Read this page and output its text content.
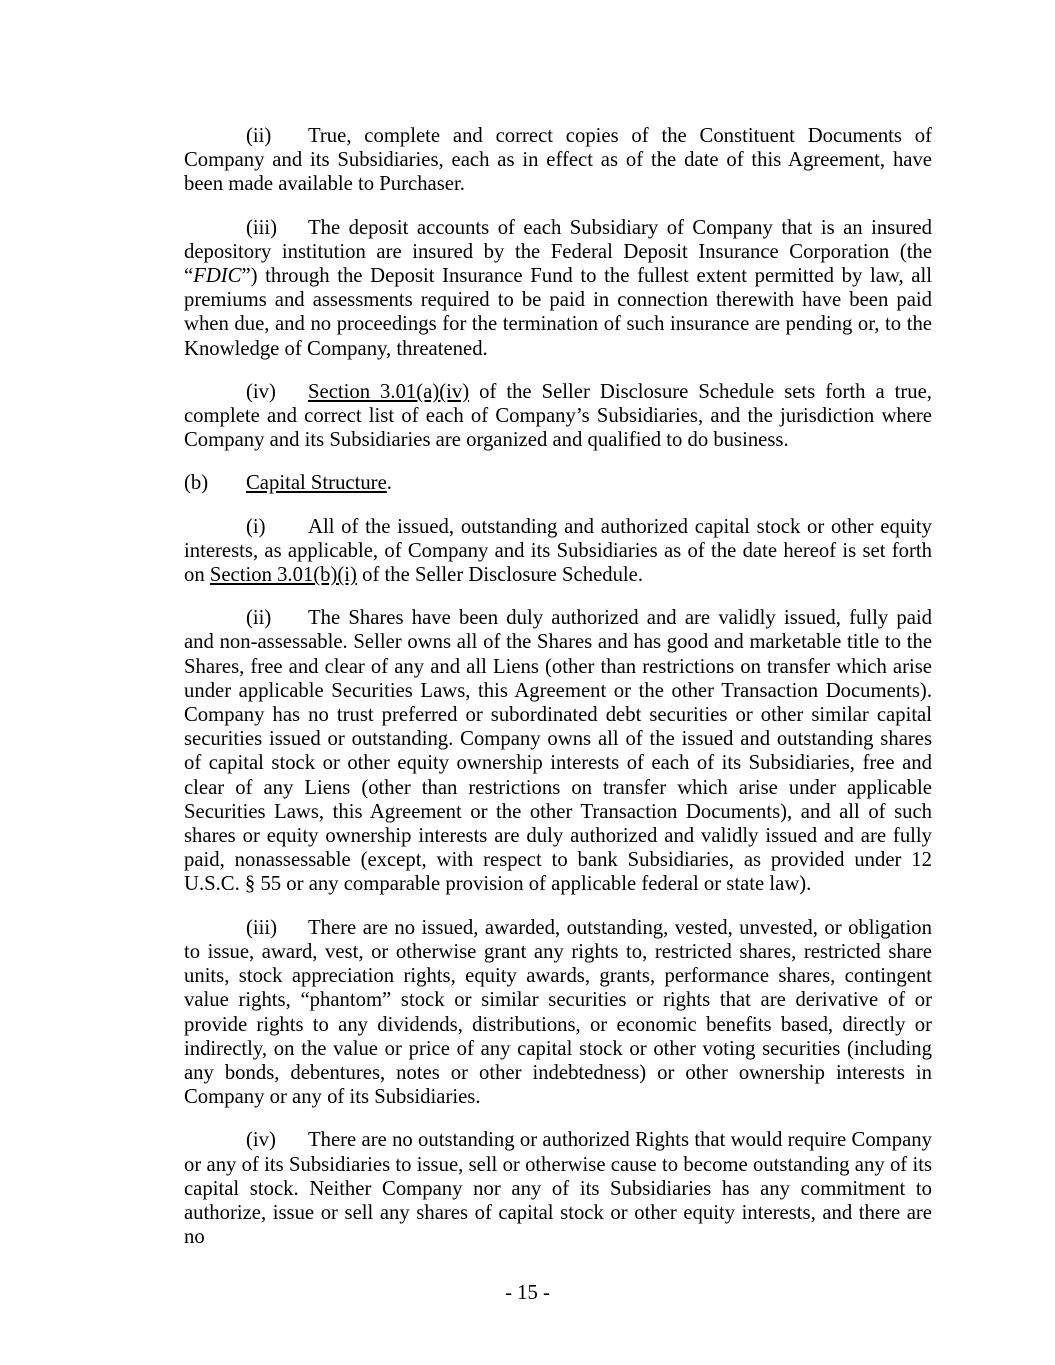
(ii) True, complete and correct copies of the Constituent Documents of Company and its Subsidiaries, each as in effect as of the date of this Agreement, have been made available to Purchaser.

(iii) The deposit accounts of each Subsidiary of Company that is an insured depository institution are insured by the Federal Deposit Insurance Corporation (the “FDIC”) through the Deposit Insurance Fund to the fullest extent permitted by law, all premiums and assessments required to be paid in connection therewith have been paid when due, and no proceedings for the termination of such insurance are pending or, to the Knowledge of Company, threatened.

(iv) Section 3.01(a)(iv) of the Seller Disclosure Schedule sets forth a true, complete and correct list of each of Company’s Subsidiaries, and the jurisdiction where Company and its Subsidiaries are organized and qualified to do business.

(b) Capital Structure.

(i) All of the issued, outstanding and authorized capital stock or other equity interests, as applicable, of Company and its Subsidiaries as of the date hereof is set forth on Section 3.01(b)(i) of the Seller Disclosure Schedule.

(ii) The Shares have been duly authorized and are validly issued, fully paid and non-assessable. Seller owns all of the Shares and has good and marketable title to the Shares, free and clear of any and all Liens (other than restrictions on transfer which arise under applicable Securities Laws, this Agreement or the other Transaction Documents). Company has no trust preferred or subordinated debt securities or other similar capital securities issued or outstanding. Company owns all of the issued and outstanding shares of capital stock or other equity ownership interests of each of its Subsidiaries, free and clear of any Liens (other than restrictions on transfer which arise under applicable Securities Laws, this Agreement or the other Transaction Documents), and all of such shares or equity ownership interests are duly authorized and validly issued and are fully paid, nonassessable (except, with respect to bank Subsidiaries, as provided under 12 U.S.C. § 55 or any comparable provision of applicable federal or state law).

(iii) There are no issued, awarded, outstanding, vested, unvested, or obligation to issue, award, vest, or otherwise grant any rights to, restricted shares, restricted share units, stock appreciation rights, equity awards, grants, performance shares, contingent value rights, “phantom” stock or similar securities or rights that are derivative of or provide rights to any dividends, distributions, or economic benefits based, directly or indirectly, on the value or price of any capital stock or other voting securities (including any bonds, debentures, notes or other indebtedness) or other ownership interests in Company or any of its Subsidiaries.

(iv) There are no outstanding or authorized Rights that would require Company or any of its Subsidiaries to issue, sell or otherwise cause to become outstanding any of its capital stock. Neither Company nor any of its Subsidiaries has any commitment to authorize, issue or sell any shares of capital stock or other equity interests, and there are no

- 15 -
